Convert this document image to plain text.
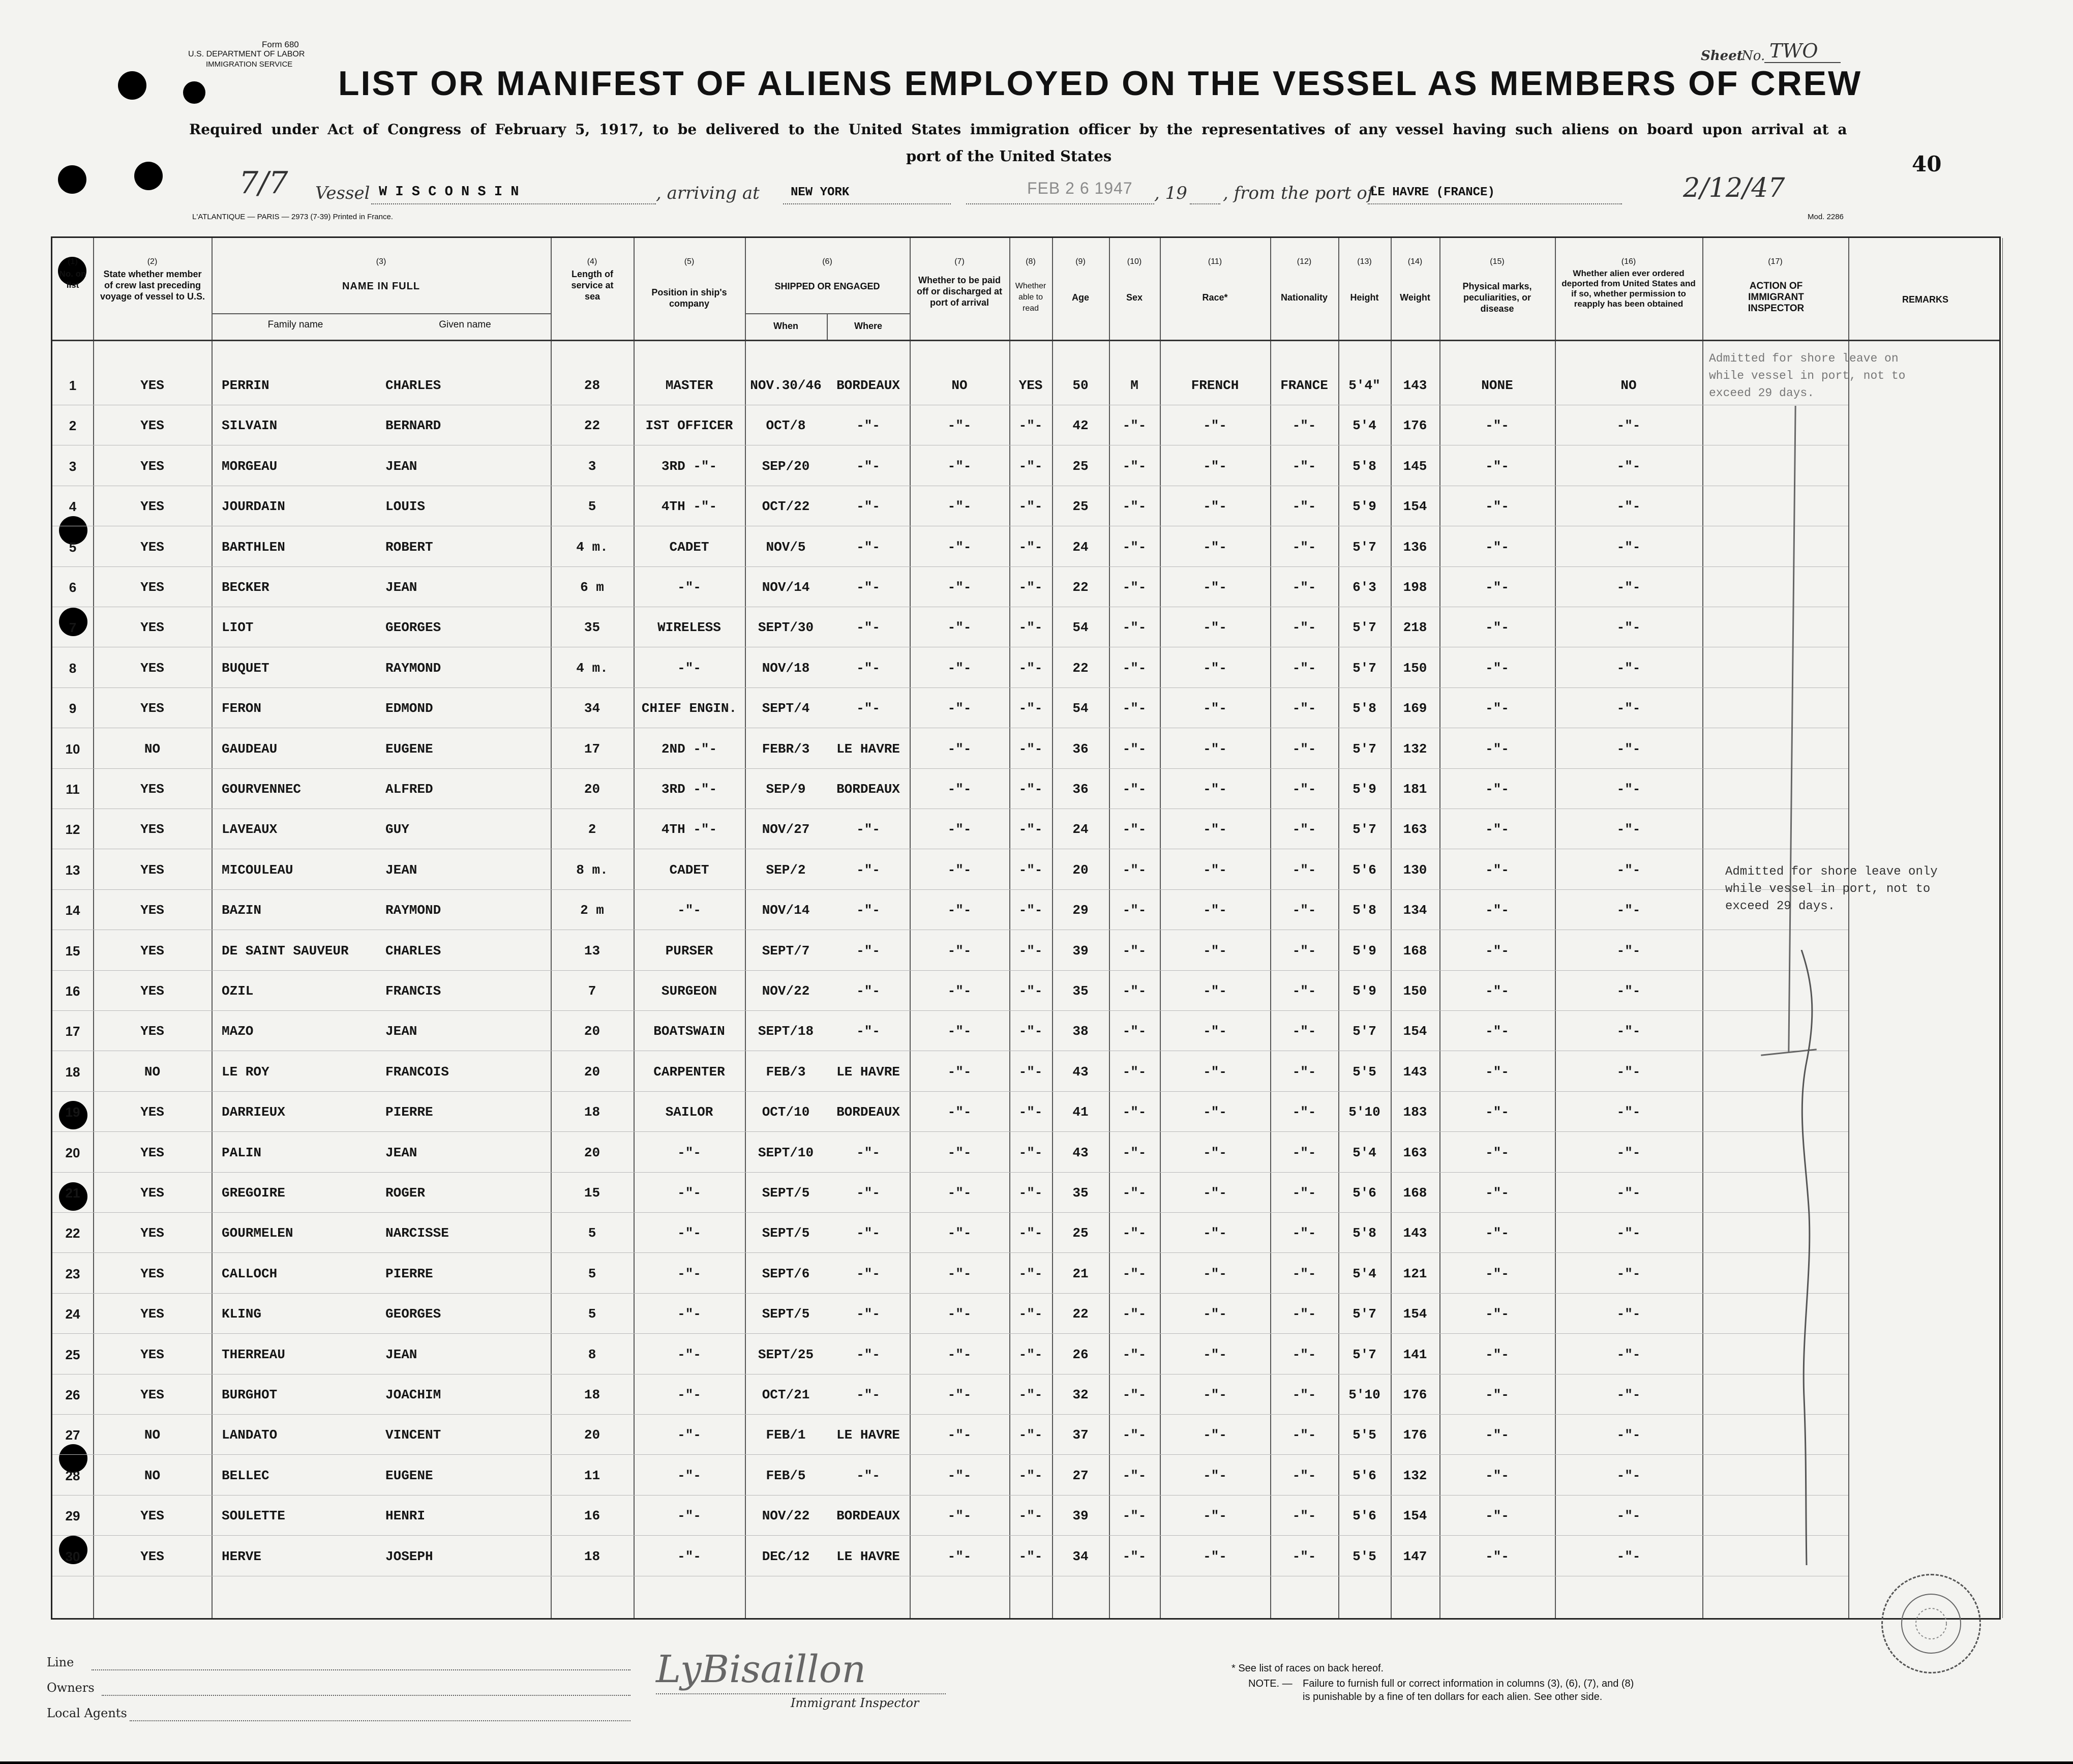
Form 680
U.S. DEPARTMENT OF LABOR
IMMIGRATION SERVICE
Sheet
No. TWO
LIST OR MANIFEST OF ALIENS EMPLOYED ON THE VESSEL AS MEMBERS OF CREW
Required under Act of Congress of February 5, 1917, to be delivered to the United States immigration officer by the representatives of any vessel having such aliens on board upon arrival at a
port of the United States	40
7/7 Vessel W I S C O N S I N	, arriving at	NEW YORK	FEB 2 6 1947 , 19 , from the port of
LE HAVRE (FRANCE)	2/12/47
L'ATLANTIQUE — PARIS — 2973 (7-39) Printed in France.	Mod. 2286
(1)
No. on list
(2)
State whether member of crew last preceding voyage of vessel to U.S.
(3)
NAME IN FULL
Family name	Given name
(4)
Length of service at sea
(5)
Position in ship's company
(6)
SHIPPED OR ENGAGED
When	Where
(7)
Whether to be paid off or discharged at port of arrival
(8)
Whether able to read
(9)
Age
(10)
Sex
(11)
Race*
(12)
Nationality
(13)
Height
(14)
Weight
(15)
Physical marks, peculiarities, or disease
(16)
Whether alien ever ordered deported from United States and if so, whether permission to reapply has been obtained
(17)
ACTION OF IMMIGRANT INSPECTOR
REMARKS
1	YES	PERRIN	CHARLES	28	MASTER	NOV.30/46	BORDEAUX	NO	YES	50	M	FRENCH	FRANCE	5'4"	143	NONE	NO
2	YES	SILVAIN	BERNARD	22	IST OFFICER	OCT/8	-"-	-"-	-"-	42	-"-	-"-	-"-	5'4	176	-"-	-"-
3	YES	MORGEAU	JEAN	3	3RD -"-	SEP/20	-"-	-"-	-"-	25	-"-	-"-	-"-	5'8	145	-"-	-"-
4	YES	JOURDAIN	LOUIS	5	4TH -"-	OCT/22	-"-	-"-	-"-	25	-"-	-"-	-"-	5'9	154	-"-	-"-
5	YES	BARTHLEN	ROBERT	4 m.	CADET	NOV/5	-"-	-"-	-"-	24	-"-	-"-	-"-	5'7	136	-"-	-"-
6	YES	BECKER	JEAN	6 m	-"-	NOV/14	-"-	-"-	-"-	22	-"-	-"-	-"-	6'3	198	-"-	-"-
7	YES	LIOT	GEORGES	35	WIRELESS	SEPT/30	-"-	-"-	-"-	54	-"-	-"-	-"-	5'7	218	-"-	-"-
8	YES	BUQUET	RAYMOND	4 m.	-"-	NOV/18	-"-	-"-	-"-	22	-"-	-"-	-"-	5'7	150	-"-	-"-
9	YES	FERON	EDMOND	34	CHIEF ENGIN.	SEPT/4	-"-	-"-	-"-	54	-"-	-"-	-"-	5'8	169	-"-	-"-
10	NO	GAUDEAU	EUGENE	17	2ND -"-	FEBR/3	LE HAVRE	-"-	-"-	36	-"-	-"-	-"-	5'7	132	-"-	-"-
11	YES	GOURVENNEC	ALFRED	20	3RD -"-	SEP/9	BORDEAUX	-"-	-"-	36	-"-	-"-	-"-	5'9	181	-"-	-"-
12	YES	LAVEAUX	GUY	2	4TH -"-	NOV/27	-"-	-"-	-"-	24	-"-	-"-	-"-	5'7	163	-"-	-"-
13	YES	MICOULEAU	JEAN	8 m.	CADET	SEP/2	-"-	-"-	-"-	20	-"-	-"-	-"-	5'6	130	-"-	-"-
14	YES	BAZIN	RAYMOND	2 m	-"-	NOV/14	-"-	-"-	-"-	29	-"-	-"-	-"-	5'8	134	-"-	-"-
15	YES	DE SAINT SAUVEUR	CHARLES	13	PURSER	SEPT/7	-"-	-"-	-"-	39	-"-	-"-	-"-	5'9	168	-"-	-"-
16	YES	OZIL	FRANCIS	7	SURGEON	NOV/22	-"-	-"-	-"-	35	-"-	-"-	-"-	5'9	150	-"-	-"-
17	YES	MAZO	JEAN	20	BOATSWAIN	SEPT/18	-"-	-"-	-"-	38	-"-	-"-	-"-	5'7	154	-"-	-"-
18	NO	LE ROY	FRANCOIS	20	CARPENTER	FEB/3	LE HAVRE	-"-	-"-	43	-"-	-"-	-"-	5'5	143	-"-	-"-
19	YES	DARRIEUX	PIERRE	18	SAILOR	OCT/10	BORDEAUX	-"-	-"-	41	-"-	-"-	-"-	5'10	183	-"-	-"-
20	YES	PALIN	JEAN	20	-"-	SEPT/10	-"-	-"-	-"-	43	-"-	-"-	-"-	5'4	163	-"-	-"-
21	YES	GREGOIRE	ROGER	15	-"-	SEPT/5	-"-	-"-	-"-	35	-"-	-"-	-"-	5'6	168	-"-	-"-
22	YES	GOURMELEN	NARCISSE	5	-"-	SEPT/5	-"-	-"-	-"-	25	-"-	-"-	-"-	5'8	143	-"-	-"-
23	YES	CALLOCH	PIERRE	5	-"-	SEPT/6	-"-	-"-	-"-	21	-"-	-"-	-"-	5'4	121	-"-	-"-
24	YES	KLING	GEORGES	5	-"-	SEPT/5	-"-	-"-	-"-	22	-"-	-"-	-"-	5'7	154	-"-	-"-
25	YES	THERREAU	JEAN	8	-"-	SEPT/25	-"-	-"-	-"-	26	-"-	-"-	-"-	5'7	141	-"-	-"-
26	YES	BURGHOT	JOACHIM	18	-"-	OCT/21	-"-	-"-	-"-	32	-"-	-"-	-"-	5'10	176	-"-	-"-
27	NO	LANDATO	VINCENT	20	-"-	FEB/1	LE HAVRE	-"-	-"-	37	-"-	-"-	-"-	5'5	176	-"-	-"-
28	NO	BELLEC	EUGENE	11	-"-	FEB/5	-"-	-"-	-"-	27	-"-	-"-	-"-	5'6	132	-"-	-"-
29	YES	SOULETTE	HENRI	16	-"-	NOV/22	BORDEAUX	-"-	-"-	39	-"-	-"-	-"-	5'6	154	-"-	-"-
30	YES	HERVE	JOSEPH	18	-"-	DEC/12	LE HAVRE	-"-	-"-	34	-"-	-"-	-"-	5'5	147	-"-	-"-
Admitted for shore leave on
while vessel in port, not to
exceed 29 days.
Admitted for shore leave only
while vessel in port, not to
exceed 29 days.
Line
Owners
Local Agents
LyBisaillon
Immigrant Inspector
* See list of races on back hereof.
NOTE. — Failure to furnish full or correct information in columns (3), (6), (7), and (8)
is punishable by a fine of ten dollars for each alien. See other side.
